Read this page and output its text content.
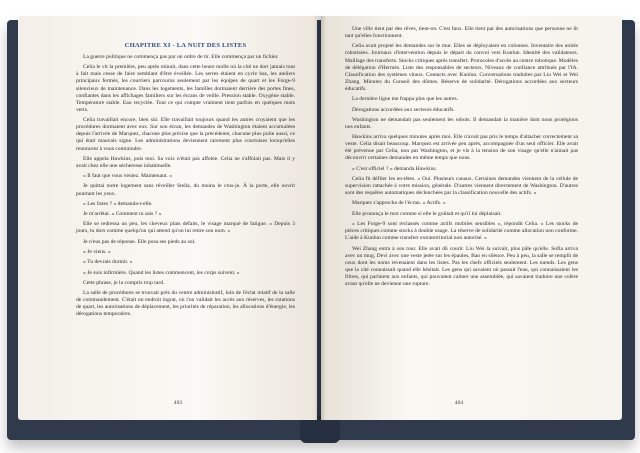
CHAPITRE XI - LA NUIT DES LISTES

La guerre politique ne commença pas par un ordre de tir. Elle commença par un fichier.

Celia le vit la première, peu après minuit, dans cette heure molle où la cité ne dort jamais tout à fait mais cesse de faire semblant d'être éveillée. Les serres étaient en cycle bas, les ateliers principaux fermés, les courriers parcourus seulement par les équipes de quart et les Forge-9 silencieux de maintenance. Dans les logements, les familles dormaient derrière des portes fines, confiantes dans les affichages familiers sur les écrans de veille. Pression stable. Oxygène stable. Température stable. Eau recyclée. Tout ce qui compte vraiment tient parfois en quelques mots verts.

Celia travaillait encore, bien sûr. Elle travaillait toujours quand les autres croyaient que les procédures dormaient avec eux. Sur son écran, les demandes de Washington étaient accumulées depuis l'arrivée de Marquez, chacune plus précise que la précédente, chacune plus polie aussi, ce qui était mauvais signe. Les administrations deviennent rarement plus courtoises lorsqu'elles renoncent à vous contraindre.

Elle appela Hawkins, puis moi. Sa voix n'était pas affolée. Celia ne s'affolait pas. Mais il y avait chez elle une sécheresse inhabituelle.

« Il faut que vous veniez. Maintenant. »

Je quittai notre logement sans réveiller Stella, du moins le crus-je. À la porte, elle ouvrit pourtant les yeux.

« Les listes ? » demanda-t-elle.

Je m'arrêtai. « Comment tu sais ? »

Elle se redressa un peu, les cheveux plats défaits, le visage marqué de fatigue. « Depuis 3 jours, tu dors comme quelqu'un qui attend qu'on lui retire son nom. »

Je n'eus pas de réponse. Elle posa ses pieds au sol.

« Je viens. »

« Tu devrais dormir. »

« Je suis infirmière. Quand les listes commencent, les corps suivent. »

Cette phrase, je la compris trop tard.

La salle de procédures se trouvait près du centre administratif, loin de l'éclat relatif de la salle de commandement. C'était un endroit ingrat, où l'on validait les accès aux réserves, les rotations de quart, les autorisations de déplacement, les priorités de réparation, les allocations d'énergie, les dérogations temporaires.

403

Une ville tient par des rêves, tient-on. C'est faux. Elle tient par des autorisations que personne ne lit tant qu'elles fonctionnent.

Celia avait projeté les demandes sur le mur. Elles se déployaient en colonnes. Inventaire des unités robotisées. Journaux d'intervention depuis le départ du convoi vers Kunlun. Identité des validateurs. Maillage des transferts. Stocks critiques après transfert. Protocoles d'accès au centre robotique. Modèles de délégation d'Hermès. Liste des responsables de secteurs. Niveaux de confiance attribués par l'IA. Classification des systèmes vitaux. Contacts avec Kunlun. Conversations traduites par Liu Wei et Wei Zhang. Minutes du Conseil des dômes. Réserve de solidarité. Dérogations accordées aux secteurs éducatifs.

La dernière ligne me frappa plus que les autres.

Dérogations accordées aux secteurs éducatifs.

Washington ne demandait pas seulement les robots. Il demandait la manière dont nous protégions nos enfants.

Hawkins arriva quelques minutes après moi. Elle n'avait pas pris le temps d'attacher correctement sa veste. Celia disait beaucoup. Marquez est arrivée peu après, accompagnée d'un seul officier. Elle avait été prévenue par Celia, non par Washington, et je vis à la tension de son visage qu'elle n'aimait pas découvrir certaines demandes en même temps que nous.

« C'est officiel ? » demanda Hawkins.

Celia fit défiler les en-têtes. « Oui. Plusieurs canaux. Certaines demandes viennent de la cellule de supervision rattachée à votre mission, générale. D'autres viennent directement de Washington. D'autres sont des requêtes automatiques déclenchées par la classification nouvelle des actifs. »

Marquez s'approcha de l'écran. « Actifs. »

Elle prononça le mot comme si elle le goûtait et qu'il lui déplaisait.

« Les Forge-9 sont reclassés comme actifs mobiles sensibles », répondit Celia. « Les stocks de pièces critiques comme stocks à double usage. La réserve de solidarité comme allocation non conforme. L'aide à Kunlun comme transfert extraterritorial non autorisé. »

Wei Zhang entra à son tour. Elle avait dû courir. Liu Wei la suivait, plus pâle qu'elle. Sofia arriva avec un mug, Devi avec une veste jetée sur les épaules, Bao en silence. Peu à peu, la salle se remplit de ceux dont les noms revenaient dans les listes. Pas les chefs officiels seulement. Les nœuds. Les gens que la cité connaissait quand elle hésitait. Les gens qui savaient où passait l'eau, qui connaissaient les filtres, qui parlaient aux enfants, qui pouvaient calmer une assemblée, qui savaient traduire une colère avant qu'elle ne devienne une rupture.

404
